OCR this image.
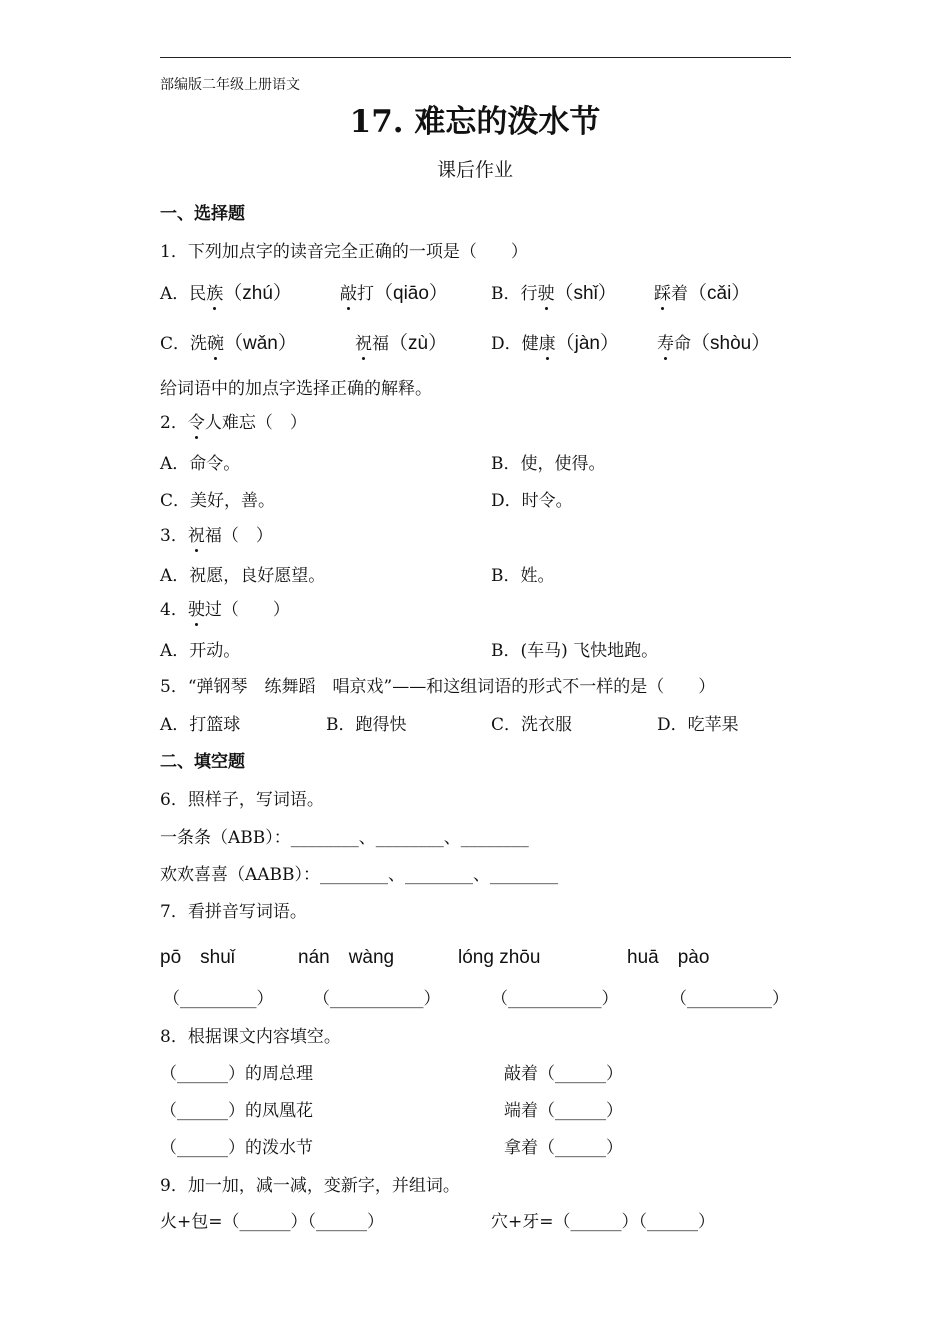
部编版二年级上册语文
17. 难忘的泼水节
课后作业
一、选择题
1．下列加点字的读音完全正确的一项是（　　）
A．民族（zhú）	敲打（qiāo）	B．行驶（shǐ） 踩着（cǎi）
C．洗碗（wǎn）	祝福（zù）	D．健康（jàn） 寿命（shòu）
给词语中的加点字选择正确的解释。
2．令人难忘（　）
A．命令。	B．使，使得。
C．美好，善。	D．时令。
3．祝福（　）
A．祝愿，良好愿望。	B．姓。
4．驶过（　　）
A．开动。	B．(车马) 飞快地跑。
5．“弹钢琴　练舞蹈　唱京戏”——和这组词语的形式不一样的是（　　）
A．打篮球	B．跑得快	C．洗衣服	D．吃苹果
二、填空题
6．照样子，写词语。
一条条（ABB）：________、________、________
欢欢喜喜（AABB）：________、________、________
7．看拼音写词语。
pō　shuǐ	nán　wàng	lóng zhōu	huā　pào
（_________） （___________）	（___________）	（__________）
8．根据课文内容填空。
（______）的周总理	敲着（______）
（______）的凤凰花	端着（______）
（______）的泼水节	拿着（______）
9．加一加，减一减，变新字，并组词。
火+包=（______）（______）	穴+牙=（______）（______）
